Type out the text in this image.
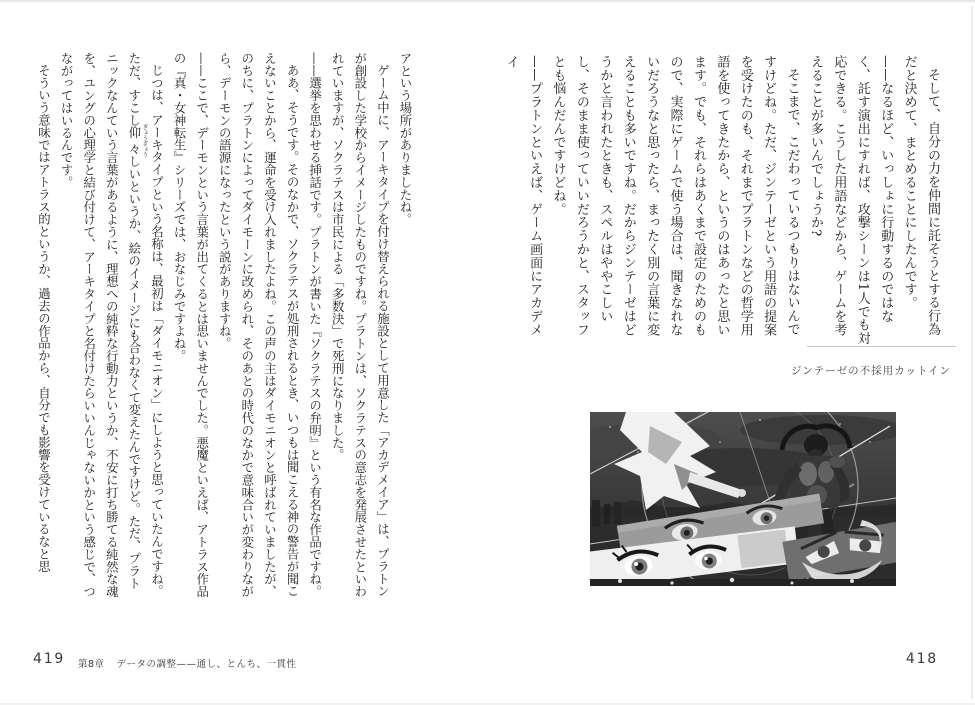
そして、自分の力を仲間に託そうとする行為だと決めて、まとめることにしたんです。

——なるほど、いっしょに行動するのではなく、託す演出にすれば、攻撃シーンは1人でも対応できる。こうした用語などから、ゲームを考えることが多いんでしょうか?

そこまで、こだわっているつもりはないんですけどね。ただ、ジンテーゼという用語の提案を受けたのも、それまでプラトンなどの哲学用語を使ってきたから、というのはあったと思います。でも、それらはあくまで設定のためのもので、実際にゲームで使う場合は、聞きなれないだろうなと思ったら、まったく別の言葉に変えることも多いですね。だからジンテーゼはどうかと言われたときも、スペルはややこしいし、そのまま使っていいだろうかと、スタッフとも悩んだんですけどね。

——プラトンといえば、ゲーム画面にアカデメイ

ジンテーゼの不採用カットイン
418

アという場所がありましたね。

ゲーム中に、アーキタイプを付け替えられる施設として用意した「アカデメイア」は、プラトンが創設した学校からイメージしたものですね。プラトンは、ソクラテスの意志を発展させたといわれていますが、ソクラテスは市民による「多数決」で死刑になりました。

——選挙を思わせる挿話です。プラトンが書いた『ソクラテスの弁明』という有名な作品ですね。

ああ、そうです。そのなかで、ソクラテスが処刑されるとき、いつもは聞こえる神の警告が聞こえないことから、運命を受け入れましたよね。この声の主はダイモニオンと呼ばれていましたが、のちに、プラトンによってダイモーンに改められ、そのあとの時代のなかで意味合いが変わりながら、デーモンの語源になったという説がありますね。

——ここで、デーモンという言葉が出てくるとは思いませんでした。悪魔といえば、アトラス作品の『真・女神転生』シリーズでは、おなじみですよね。

じつは、アーキタイプという名称は、最初は「ダイモニオン」にしようと思っていたんですね。ただ、すこし仰々 ぎょうぎょうしいというか、絵のイメージにも合わなくて変えたんですけど。ただ、プラトニックなんていう言葉があるように、理想への純粋な行動力というか、不安に打ち勝てる純然な魂を、ユングの心理学と結び付けて、アーキタイプと名付けたらいいんじゃないかという感じで、つながってはいるんです。

そういう意味ではアトラス的というか、過去の作品から、自分でも影響を受けているなと思

419 第8章 データの調整——通し、とんち、一貫性
